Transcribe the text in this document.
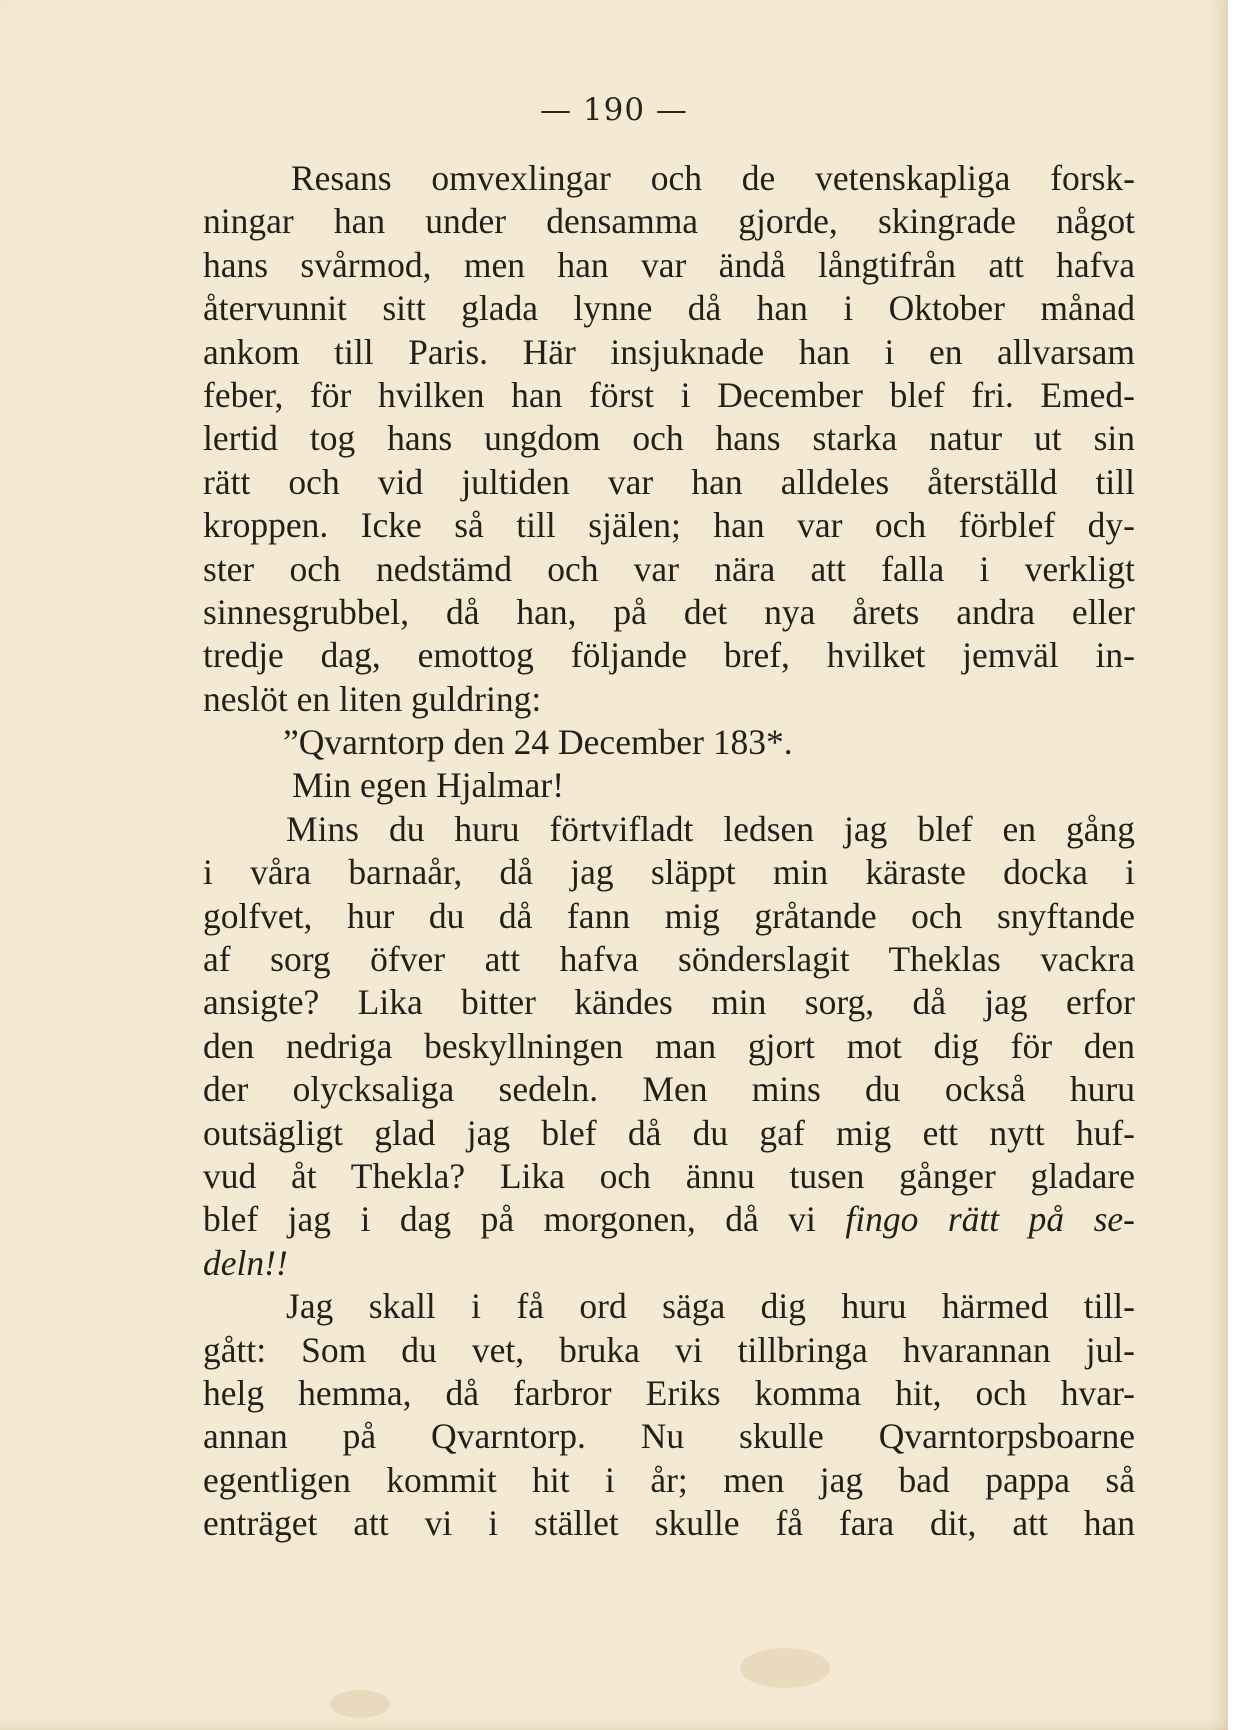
— 190 —
Resans omvexlingar och de vetenskapliga forsk-
ningar han under densamma gjorde, skingrade något
hans svårmod, men han var ändå långtifrån att hafva
återvunnit sitt glada lynne då han i Oktober månad
ankom till Paris. Här insjuknade han i en allvarsam
feber, för hvilken han först i December blef fri. Emed-
lertid tog hans ungdom och hans starka natur ut sin
rätt och vid jultiden var han alldeles återställd till
kroppen. Icke så till själen; han var och förblef dy-
ster och nedstämd och var nära att falla i verkligt
sinnesgrubbel, då han, på det nya årets andra eller
tredje dag, emottog följande bref, hvilket jemväl in-
neslöt en liten guldring:
”Qvarntorp den 24 December 183*.
Min egen Hjalmar!
Mins du huru förtvifladt ledsen jag blef en gång
i våra barnaår, då jag släppt min käraste docka i
golfvet, hur du då fann mig gråtande och snyftande
af sorg öfver att hafva sönderslagit Theklas vackra
ansigte? Lika bitter kändes min sorg, då jag erfor
den nedriga beskyllningen man gjort mot dig för den
der olycksaliga sedeln. Men mins du också huru
outsägligt glad jag blef då du gaf mig ett nytt huf-
vud åt Thekla? Lika och ännu tusen gånger gladare
blef jag i dag på morgonen, då vi fingo rätt på se-
deln!!
Jag skall i få ord säga dig huru härmed till-
gått: Som du vet, bruka vi tillbringa hvarannan jul-
helg hemma, då farbror Eriks komma hit, och hvar-
annan på Qvarntorp. Nu skulle Qvarntorpsboarne
egentligen kommit hit i år; men jag bad pappa så
enträget att vi i stället skulle få fara dit, att han
